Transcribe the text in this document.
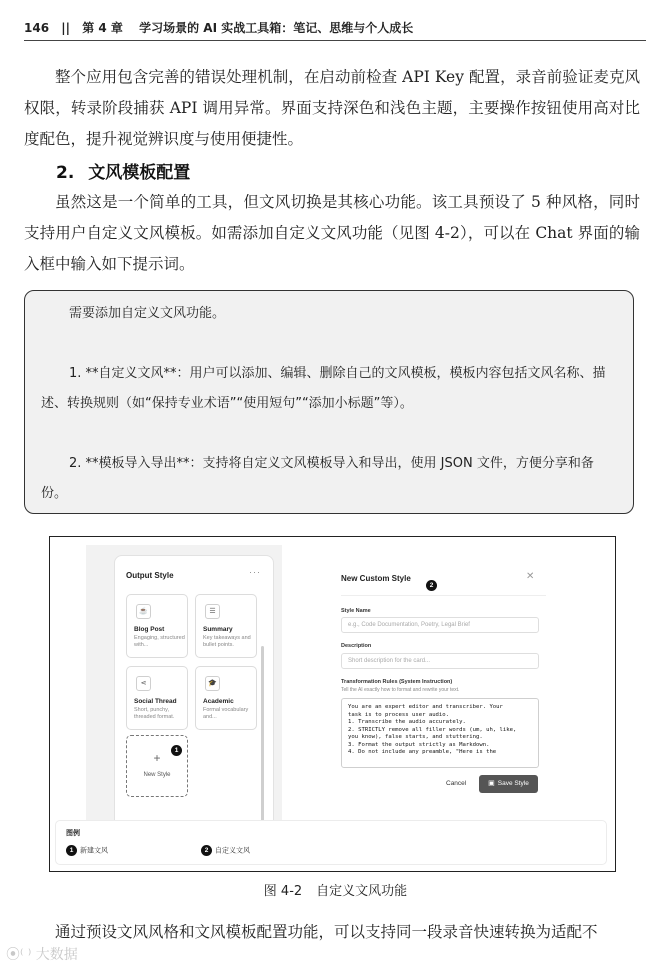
146 || 第 4 章 学习场景的 AI 实战工具箱：笔记、思维与个人成长

整个应用包含完善的错误处理机制，在启动前检查 API Key 配置，录音前验证麦克风权限，转录阶段捕获 API 调用异常。界面支持深色和浅色主题，主要操作按钮使用高对比度配色，提升视觉辨识度与使用便捷性。

2. 文风模板配置

虽然这是一个简单的工具，但文风切换是其核心功能。该工具预设了 5 种风格，同时支持用户自定义文风模板。如需添加自定义文风功能（见图 4-2），可以在 Chat 界面的输入框中输入如下提示词。

需要添加自定义文风功能。

1. **自定义文风**：用户可以添加、编辑、删除自己的文风模板，模板内容包括文风名称、描述、转换规则（如“保持专业术语”“使用短句”“添加小标题”等）。

2. **模板导入导出**：支持将自定义文风模板导入和导出，使用 JSON 文件，方便分享和备份。

Output Style	···
☕
Blog Post
Engaging, structured with...
☰
Summary
Key takeaways and bullet points.
⋖
Social Thread
Short, punchy, threaded format.
🎓
Academic
Formal vocabulary and...
+
New Style
1
New Custom Style
2
✕
Style Name
e.g., Code Documentation, Poetry, Legal Brief
Description
Short description for the card...
Transformation Rules (System Instruction)
Tell the AI exactly how to format and rewrite your text.
You are an expert editor and transcriber. Your
task is to process user audio.
1. Transcribe the audio accurately.
2. STRICTLY remove all filler words (um, uh, like,
you know), false starts, and stuttering.
3. Format the output strictly as Markdown.
4. Do not include any preamble, "Here is the
Cancel	▣ Save Style
图例
1 新建文风	2 自定义文风
图 4-2 自定义文风功能

通过预设文风风格和文风模板配置功能，可以支持同一段录音快速转换为适配不

⦿⁽ ⁾ 大数据
